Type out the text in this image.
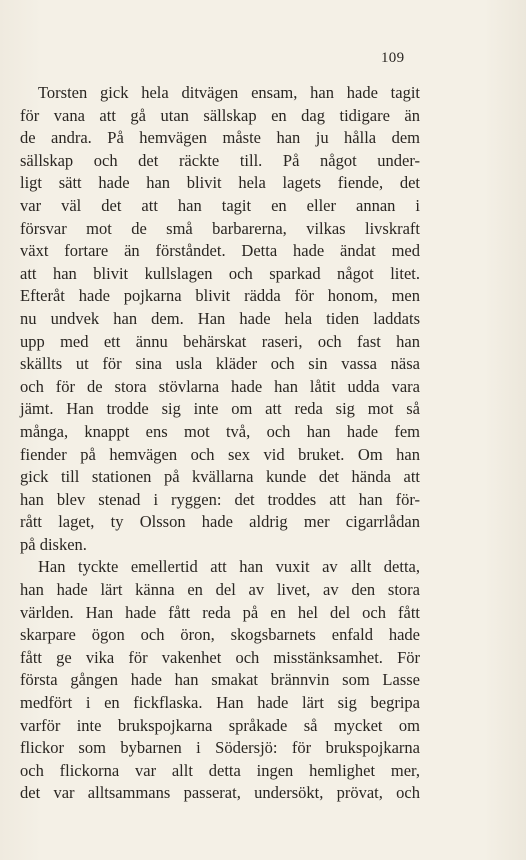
109
Torsten gick hela ditvägen ensam, han hade tagit
för vana att gå utan sällskap en dag tidigare än
de andra. På hemvägen måste han ju hålla dem
sällskap och det räckte till. På något under-
ligt sätt hade han blivit hela lagets fiende, det
var väl det att han tagit en eller annan i
försvar mot de små barbarerna, vilkas livskraft
växt fortare än förståndet. Detta hade ändat med
att han blivit kullslagen och sparkad något litet.
Efteråt hade pojkarna blivit rädda för honom, men
nu undvek han dem. Han hade hela tiden laddats
upp med ett ännu behärskat raseri, och fast han
skällts ut för sina usla kläder och sin vassa näsa
och för de stora stövlarna hade han låtit udda vara
jämt. Han trodde sig inte om att reda sig mot så
många, knappt ens mot två, och han hade fem
fiender på hemvägen och sex vid bruket. Om han
gick till stationen på kvällarna kunde det hända att
han blev stenad i ryggen: det troddes att han för-
rått laget, ty Olsson hade aldrig mer cigarrlådan
på disken.
Han tyckte emellertid att han vuxit av allt detta,
han hade lärt känna en del av livet, av den stora
världen. Han hade fått reda på en hel del och fått
skarpare ögon och öron, skogsbarnets enfald hade
fått ge vika för vakenhet och misstänksamhet. För
första gången hade han smakat brännvin som Lasse
medfört i en fickflaska. Han hade lärt sig begripa
varför inte brukspojkarna språkade så mycket om
flickor som bybarnen i Södersjö: för brukspojkarna
och flickorna var allt detta ingen hemlighet mer,
det var alltsammans passerat, undersökt, prövat, och
